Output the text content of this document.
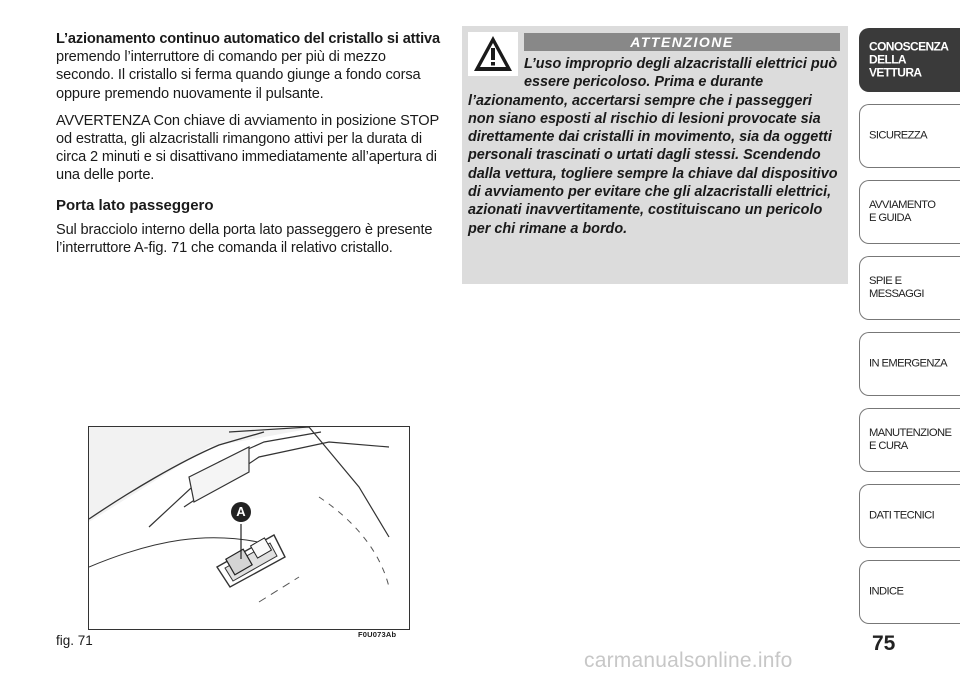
L’azionamento continuo automatico del cristallo si attiva premendo l’interruttore di comando per più di mezzo secondo. Il cristallo si ferma quando giunge a fondo corsa oppure premendo nuovamente il pulsante.

AVVERTENZA Con chiave di avviamento in posizione STOP od estratta, gli alzacristalli rimangono attivi per la durata di circa 2 minuti e si disattivano immediatamente all’apertura di una delle porte.

Porta lato passeggero

Sul bracciolo interno della porta lato passeggero è presente l’interruttore A-fig. 71 che comanda il relativo cristallo.

ATTENZIONE
L’uso improprio degli alzacristalli elettrici può essere pericoloso. Prima e durante l’azionamento, accertarsi sempre che i passeggeri non siano esposti al rischio di lesioni provocate sia direttamente dai cristalli in movimento, sia da oggetti personali trascinati o urtati dagli stessi. Scendendo dalla vettura, togliere sempre la chiave dal dispositivo di avviamento per evitare che gli alzacristalli elettrici, azionati inavvertitamente, costituiscano un pericolo per chi rimane a bordo.
A
fig. 71	F0U073Ab
CONOSCENZA
DELLA
VETTURA
SICUREZZA
AVVIAMENTO
E GUIDA
SPIE E
MESSAGGI
IN EMERGENZA
MANUTENZIONE
E CURA
DATI TECNICI
INDICE
75
carmanualsonline.info
